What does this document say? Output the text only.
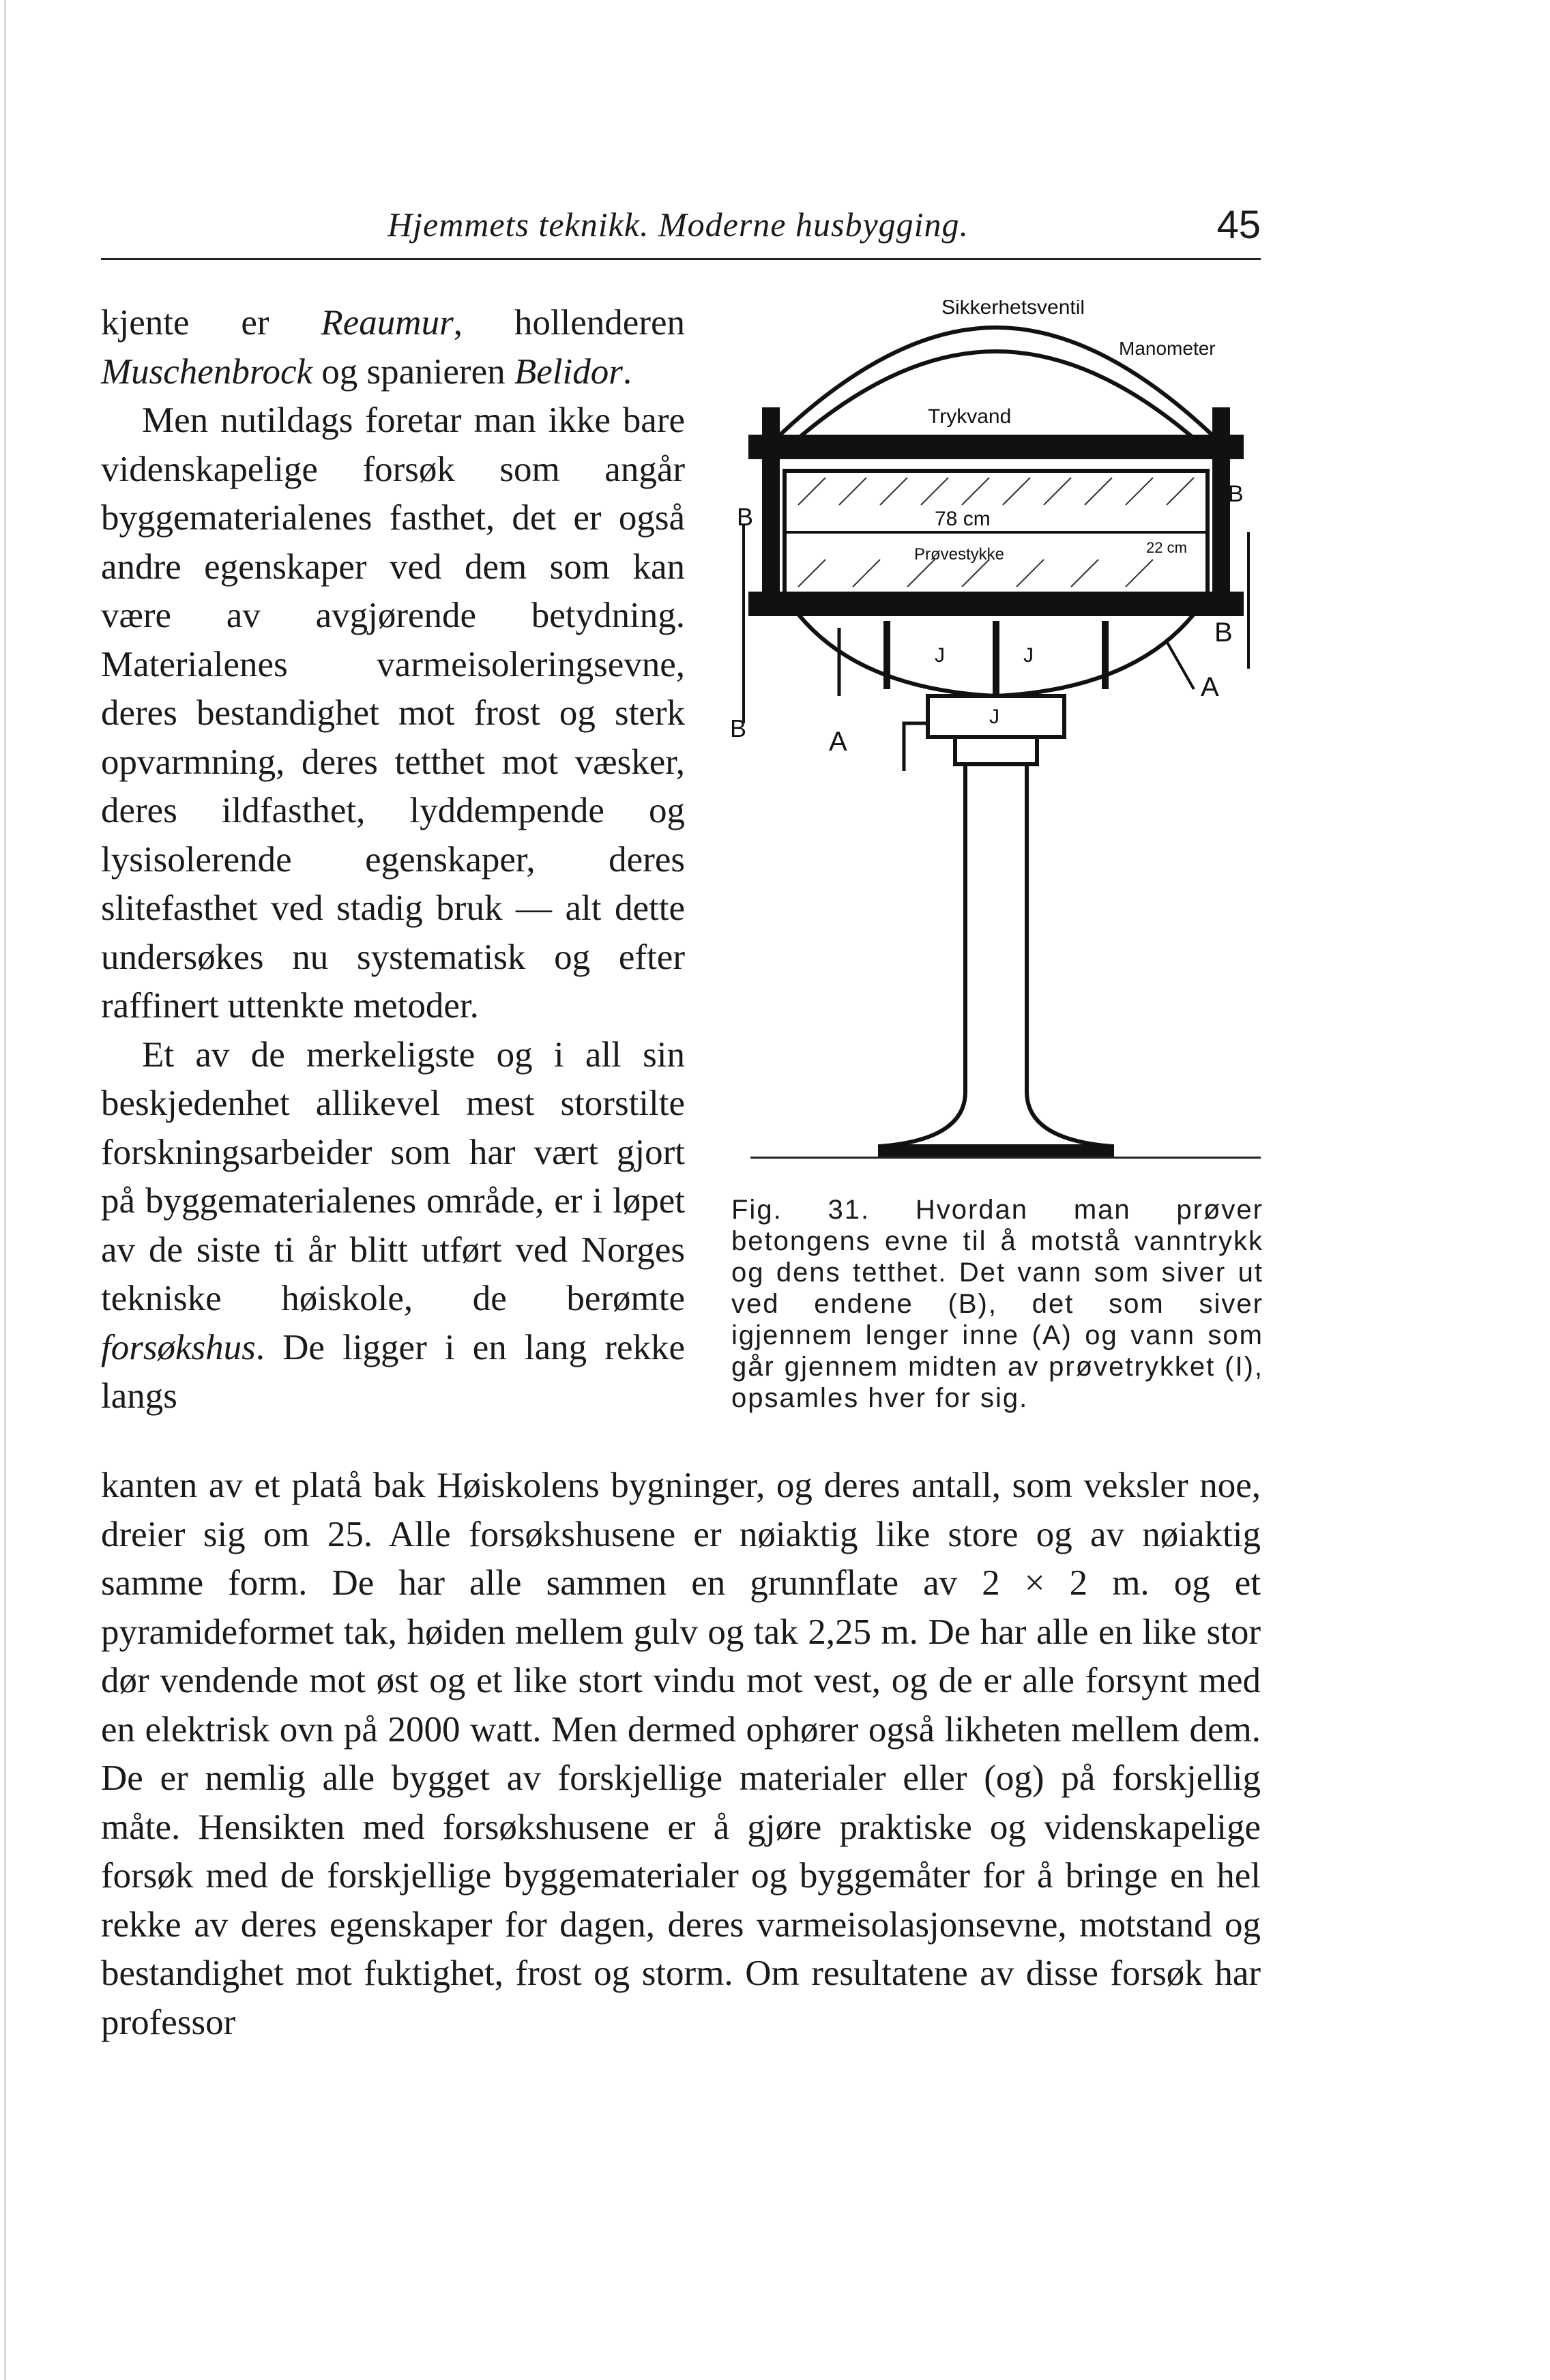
Hjemmets teknikk. Moderne husbygging.	45

kjente er Reaumur, hollenderen Muschenbrock og spanieren Belidor.

Men nutildags foretar man ikke bare videnskapelige forsøk som angår byggematerialenes fasthet, det er også andre egenskaper ved dem som kan være av avgjørende betydning. Materialenes varmeisoleringsevne, deres bestandighet mot frost og sterk opvarmning, deres tetthet mot væsker, deres ildfasthet, lyddempende og lysisolerende egenskaper, deres slitefasthet ved stadig bruk — alt dette undersøkes nu systematisk og efter raffinert uttenkte metoder.

Et av de merkeligste og i all sin beskjedenhet allikevel mest storstilte forskningsarbeider som har vært gjort på byggematerialenes område, er i løpet av de siste ti år blitt utført ved Norges tekniske høiskole, de berømte forsøkshus. De ligger i en lang rekke langs

Sikkerhetsventil
Manometer
Trykvand
78 cm
Prøvestykke	22 cm
B
B
B
B	A
A
J	J
J
Fig. 31. Hvordan man prøver betongens evne til å motstå vanntrykk og dens tetthet. Det vann som siver ut ved endene (B), det som siver igjennem lenger inne (A) og vann som går gjennem midten av prøvetrykket (I), opsamles hver for sig.

kanten av et platå bak Høiskolens bygninger, og deres antall, som veksler noe, dreier sig om 25. Alle forsøkshusene er nøiaktig like store og av nøiaktig samme form. De har alle sammen en grunnflate av 2 × 2 m. og et pyramideformet tak, høiden mellem gulv og tak 2,25 m. De har alle en like stor dør vendende mot øst og et like stort vindu mot vest, og de er alle forsynt med en elektrisk ovn på 2000 watt. Men dermed ophører også likheten mellem dem. De er nemlig alle bygget av forskjellige materialer eller (og) på forskjellig måte. Hensikten med forsøkshusene er å gjøre praktiske og videnskapelige forsøk med de forskjellige byggematerialer og byggemåter for å bringe en hel rekke av deres egenskaper for dagen, deres varmeisolasjonsevne, motstand og bestandighet mot fuktighet, frost og storm. Om resultatene av disse forsøk har professor
